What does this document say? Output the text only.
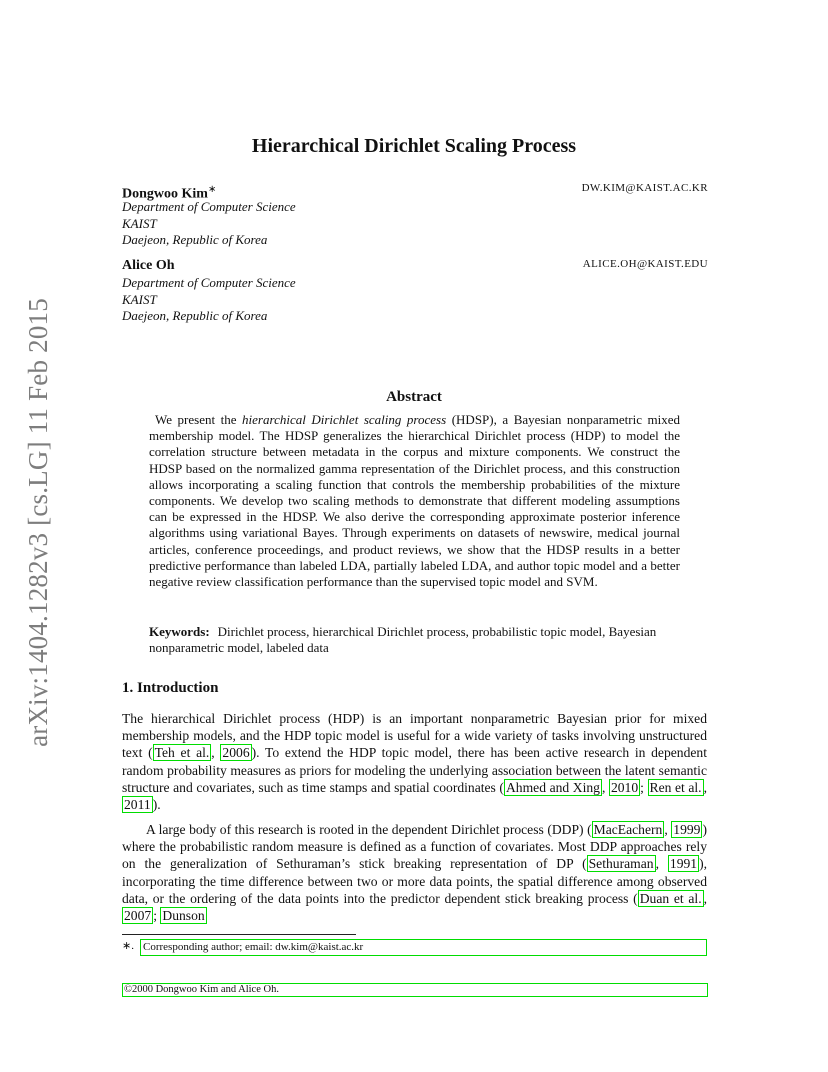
arXiv:1404.1282v3 [cs.LG] 11 Feb 2015
Hierarchical Dirichlet Scaling Process
Dongwoo Kim∗	DW.KIM@KAIST.AC.KR
Department of Computer Science
KAIST
Daejeon, Republic of Korea
Alice Oh	ALICE.OH@KAIST.EDU
Department of Computer Science
KAIST
Daejeon, Republic of Korea
Abstract

We present the hierarchical Dirichlet scaling process (HDSP), a Bayesian nonparametric mixed membership model. The HDSP generalizes the hierarchical Dirichlet process (HDP) to model the correlation structure between metadata in the corpus and mixture components. We construct the HDSP based on the normalized gamma representation of the Dirichlet process, and this construction allows incorporating a scaling function that controls the membership probabilities of the mixture components. We develop two scaling methods to demonstrate that different modeling assumptions can be expressed in the HDSP. We also derive the corresponding approximate posterior inference algorithms using variational Bayes. Through experiments on datasets of newswire, medical journal articles, conference proceedings, and product reviews, we show that the HDSP results in a better predictive performance than labeled LDA, partially labeled LDA, and author topic model and a better negative review classification performance than the supervised topic model and SVM.

Keywords: Dirichlet process, hierarchical Dirichlet process, probabilistic topic model, Bayesian nonparametric model, labeled data

1. Introduction

The hierarchical Dirichlet process (HDP) is an important nonparametric Bayesian prior for mixed membership models, and the HDP topic model is useful for a wide variety of tasks involving unstructured text ( Teh et al. , 2006 ). To extend the HDP topic model, there has been active research in dependent random probability measures as priors for modeling the underlying association between the latent semantic structure and covariates, such as time stamps and spatial coordinates ( Ahmed and Xing , 2010 ; Ren et al. , 2011 ).

A large body of this research is rooted in the dependent Dirichlet process (DDP) ( MacEachern , 1999 ) where the probabilistic random measure is defined as a function of covariates. Most DDP approaches rely on the generalization of Sethuraman’s stick breaking representation of DP ( Sethuraman , 1991 ), incorporating the time difference between two or more data points, the spatial difference among observed data, or the ordering of the data points into the predictor dependent stick breaking process ( Duan et al. , 2007 ; Dunson

∗. Corresponding author; email: dw.kim@kaist.ac.kr
©2000 Dongwoo Kim and Alice Oh.
